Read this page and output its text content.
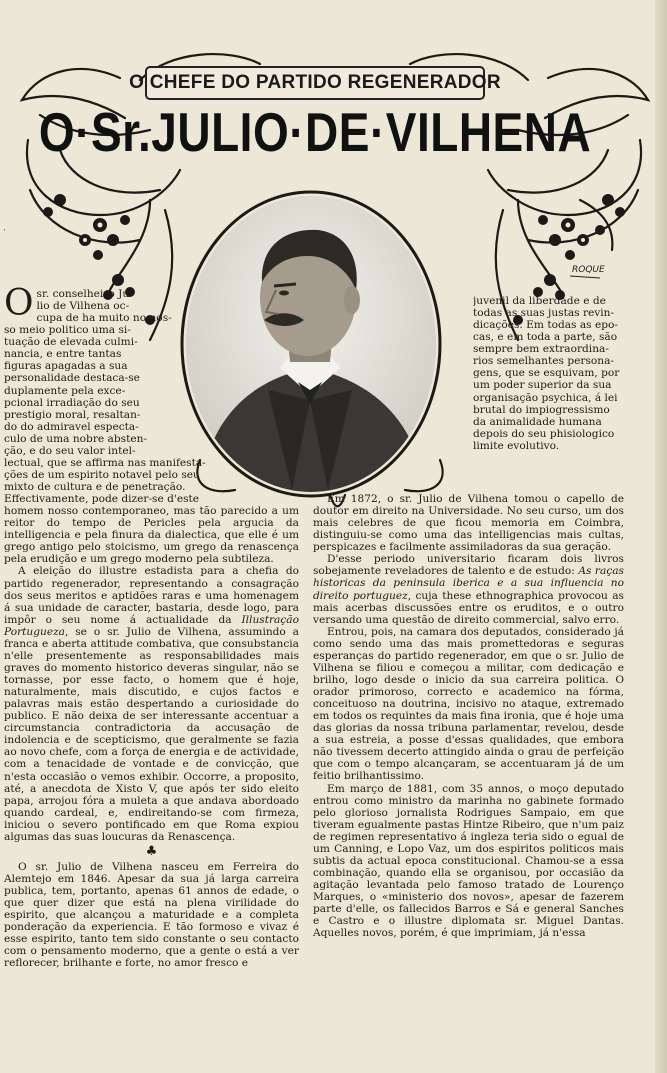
·
ROQUE
O CHEFE DO PARTIDO REGENERADOR
O·Sr.JULIO·DE·VILHENA
O sr. conselheiro Ju-
lio de Vilhena oc-
cupa de ha muito no nos-
so meio politico uma si-
tuação de elevada culmi-
nancia, e entre tantas
figuras apagadas a sua
personalidade destaca-se
duplamente pela exce-
pcional irradiação do seu
prestigio moral, resaltan-
do do admiravel especta-
culo de uma nobre absten-
ção, e do seu valor intel-
lectual, que se affirma nas manifesta-
ções de um espirito notavel pelo seu
mixto de cultura e de penetração.
Effectivamente, pode dizer-se d'este

homem nosso contemporaneo, mas tão parecido a um reitor do tempo de Pericles pela argucia da intelligencia e pela finura da dialectica, que elle é um grego antigo pelo stoicismo, um grego da renascença pela erudição e um grego moderno pela subtileza.

A eleição do illustre estadista para a chefia do partido regenerador, representando a consagração dos seus meritos e aptidões raras e uma homenagem á sua unidade de caracter, bastaria, desde logo, para impôr o seu nome á actualidade da Illustração Portugueza, se o sr. Julio de Vilhena, assumindo a franca e aberta attitude combativa, que consubstancia n'elle presentemente as responsabilidades mais graves do momento historico deveras singular, não se tornasse, por esse facto, o homem que é hoje, naturalmente, mais discutido, e cujos factos e palavras mais estão despertando a curiosidade do publico. E não deixa de ser interessante accentuar a circumstancia contradictoria da accusação de indolencia e de scepticismo, que geralmente se fazia ao novo chefe, com a força de energia e de actividade, com a tenacidade de vontade e de convicção, que n'esta occasião o vemos exhibir. Occorre, a proposito, até, a anecdota de Xisto V, que após ter sido eleito papa, arrojou fóra a muleta a que andava abordoado quando cardeal, e, endireitando-se com firmeza, iniciou o severo pontificado em que Roma expiou algumas das suas loucuras da Renascença.

♣

O sr. Julio de Vilhena nasceu em Ferreira do Alemtejo em 1846. Apesar da sua já larga carreira publica, tem, portanto, apenas 61 annos de edade, o que quer dizer que está na plena virilidade do espirito, que alcançou a maturidade e a completa ponderação da experiencia. E tão formoso e vivaz é esse espirito, tanto tem sido constante o seu contacto com o pensamento moderno, que a gente o está a ver reflorecer, brilhante e forte, no amor fresco e

juvenil da liberdade e de
todas as suas justas revin-
dicações. Em todas as epo-
cas, e em toda a parte, são
sempre bem extraordina-
rios semelhantes persona-
gens, que se esquivam, por
um poder superior da sua
organisação psychica, á lei
brutal do impiogressismo
da animalidade humana
depois do seu phisiologico
limite evolutivo.

Em 1872, o sr. Julio de Vilhena tomou o capello de doutor em direito na Universidade. No seu curso, um dos mais celebres de que ficou memoria em Coimbra, distinguiu-se como uma das intelligencias mais cultas, perspicazes e facilmente assimiladoras da sua geração.

D'esse periodo universitario ficaram dois livros sobejamente reveladores de talento e de estudo: As raças historicas da peninsula iberica e a sua influencia no direito portuguez, cuja these ethnographica provocou as mais acerbas discussões entre os eruditos, e o outro versando uma questão de direito commercial, salvo erro.

Entrou, pois, na camara dos deputados, considerado já como sendo uma das mais promettedoras e seguras esperanças do partido regenerador, em que o sr. Julio de Vilhena se filiou e começou a militar, com dedicação e brilho, logo desde o inicio da sua carreira politica. O orador primoroso, correcto e academico na fórma, conceituoso na doutrina, incisivo no ataque, extremado em todos os requintes da mais fina ironia, que é hoje uma das glorias da nossa tribuna parlamentar, revelou, desde a sua estreia, a posse d'essas qualidades, que embora não tivessem decerto attingido ainda o grau de perfeição que com o tempo alcançaram, se accentuaram já de um feitio brilhantissimo.

Em março de 1881, com 35 annos, o moço deputado entrou como ministro da marinha no gabinete formado pelo glorioso jornalista Rodrigues Sampaio, em que tiveram egualmente pastas Hintze Ribeiro, que n'um paiz de regimen representativo á ingleza teria sido o egual de um Canning, e Lopo Vaz, um dos espiritos politicos mais subtis da actual epoca constitucional. Chamou-se a essa combinação, quando ella se organisou, por occasião da agitação levantada pelo famoso tratado de Lourenço Marques, o «ministerio dos novos», apesar de fazerem parte d'elle, os fallecidos Barros e Sá e general Sanches e Castro e o illustre diplomata sr. Miguel Dantas. Aquelles novos, porém, é que imprimiam, já n'essa
